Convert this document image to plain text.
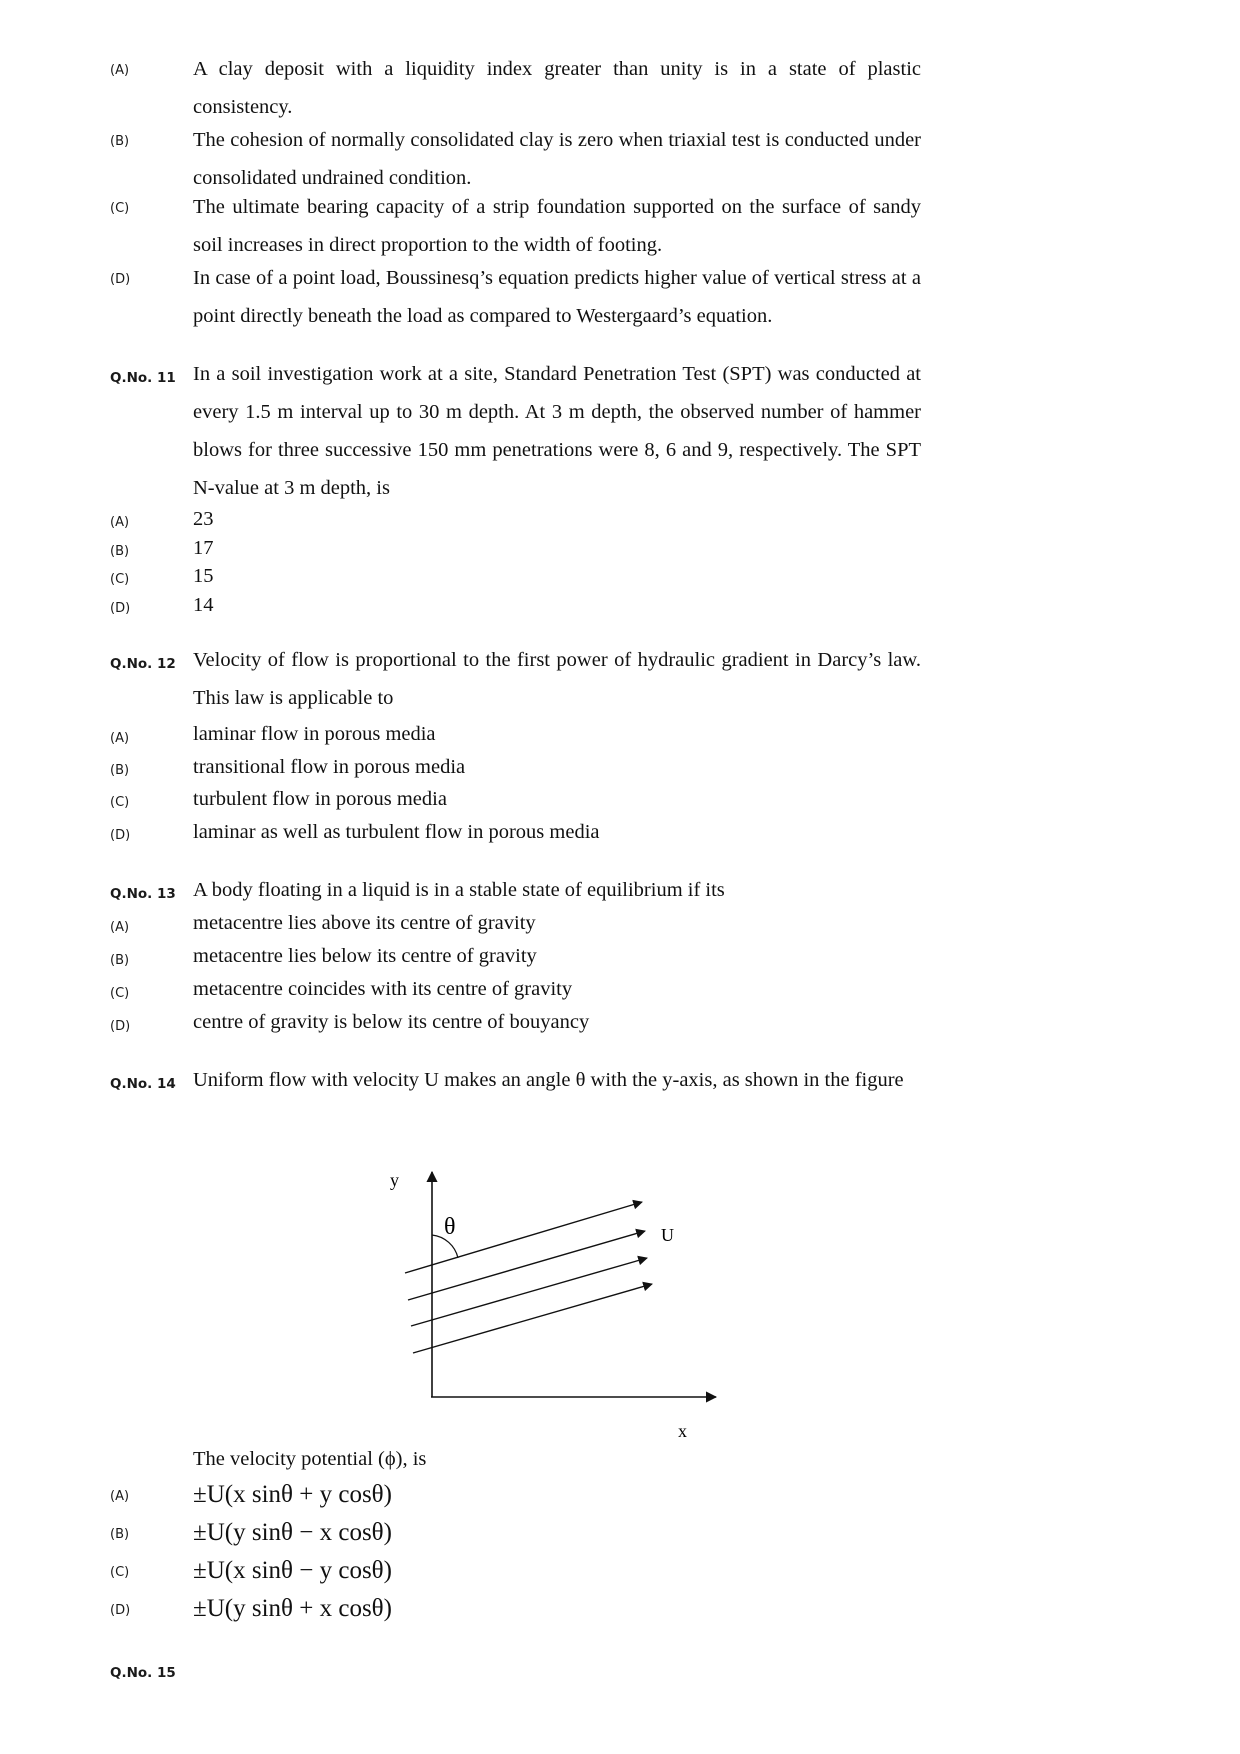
(A)	A clay deposit with a liquidity index greater than unity is in a state of plastic consistency.
(B)	The cohesion of normally consolidated clay is zero when triaxial test is conducted under consolidated undrained condition.
(C)	The ultimate bearing capacity of a strip foundation supported on the surface of sandy soil increases in direct proportion to the width of footing.
(D)	In case of a point load, Boussinesq’s equation predicts higher value of vertical stress at a point directly beneath the load as compared to Westergaard’s equation.
Q.No. 11 In a soil investigation work at a site, Standard Penetration Test (SPT) was conducted at every 1.5 m interval up to 30 m depth. At 3 m depth, the observed number of hammer blows for three successive 150 mm penetrations were 8, 6 and 9, respectively. The SPT N-value at 3 m depth, is
(A)	23
(B)	17
(C)	15
(D)	14
Q.No. 12 Velocity of flow is proportional to the first power of hydraulic gradient in Darcy’s law. This law is applicable to
(A)	laminar flow in porous media
(B)	transitional flow in porous media
(C)	turbulent flow in porous media
(D)	laminar as well as turbulent flow in porous media
Q.No. 13 A body floating in a liquid is in a stable state of equilibrium if its
(A)	metacentre lies above its centre of gravity
(B)	metacentre lies below its centre of gravity
(C)	metacentre coincides with its centre of gravity
(D)	centre of gravity is below its centre of bouyancy
Q.No. 14 Uniform flow with velocity U makes an angle θ with the y-axis, as shown in the figure
y
x
θ	U
The velocity potential (ϕ), is
(A)	±U(x sinθ + y cosθ)
(B)	±U(y sinθ − x cosθ)
(C)	±U(x sinθ − y cosθ)
(D)	±U(y sinθ + x cosθ)
Q.No. 15
